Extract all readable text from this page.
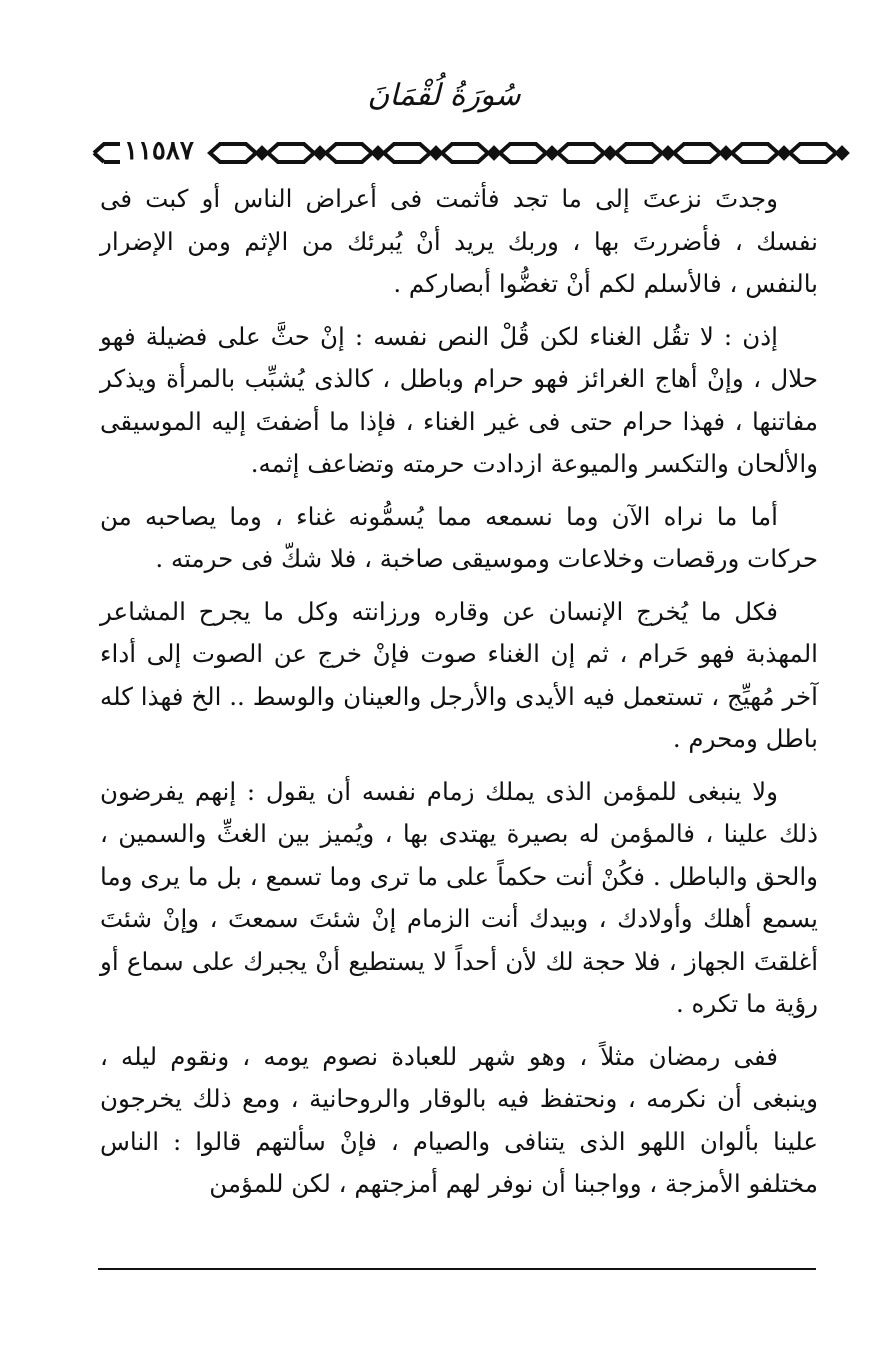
سُورَةُ لُقْمَانَ
١١٥٨٧

وجدتَ نزعتَ إلى ما تجد فأثمت فى أعراض الناس أو كبت فى نفسك ، فأضررتَ بها ، وربك يريد أنْ يُبرئك من الإثم ومن الإضرار بالنفس ، فالأسلم لكم أنْ تغضُّوا أبصاركم .

إذن : لا تقُل الغناء لكن قُلْ النص نفسه : إنْ حثَّ على فضيلة فهو حلال ، وإنْ أهاج الغرائز فهو حرام وباطل ، كالذى يُشبِّب بالمرأة ويذكر مفاتنها ، فهذا حرام حتى فى غير الغناء ، فإذا ما أضفتَ إليه الموسيقى والألحان والتكسر والميوعة ازدادت حرمته وتضاعف إثمه.

أما ما نراه الآن وما نسمعه مما يُسمُّونه غناء ، وما يصاحبه من حركات ورقصات وخلاعات وموسيقى صاخبة ، فلا شكّ فى حرمته .

فكل ما يُخرج الإنسان عن وقاره ورزانته وكل ما يجرح المشاعر المهذبة فهو حَرام ، ثم إن الغناء صوت فإنْ خرج عن الصوت إلى أداء آخر مُهيِّج ، تستعمل فيه الأيدى والأرجل والعينان والوسط .. الخ فهذا كله باطل ومحرم .

ولا ينبغى للمؤمن الذى يملك زمام نفسه أن يقول : إنهم يفرضون ذلك علينا ، فالمؤمن له بصيرة يهتدى بها ، ويُميز بين الغثِّ والسمين ، والحق والباطل . فكُنْ أنت حكماً على ما ترى وما تسمع ، بل ما يرى وما يسمع أهلك وأولادك ، وبيدك أنت الزمام إنْ شئتَ سمعتَ ، وإنْ شئتَ أغلقتَ الجهاز ، فلا حجة لك لأن أحداً لا يستطيع أنْ يجبرك على سماع أو رؤية ما تكره .

ففى رمضان مثلاً ، وهو شهر للعبادة نصوم يومه ، ونقوم ليله ، وينبغى أن نكرمه ، ونحتفظ فيه بالوقار والروحانية ، ومع ذلك يخرجون علينا بألوان اللهو الذى يتنافى والصيام ، فإنْ سألتهم قالوا : الناس مختلفو الأمزجة ، وواجبنا أن نوفر لهم أمزجتهم ، لكن للمؤمن
